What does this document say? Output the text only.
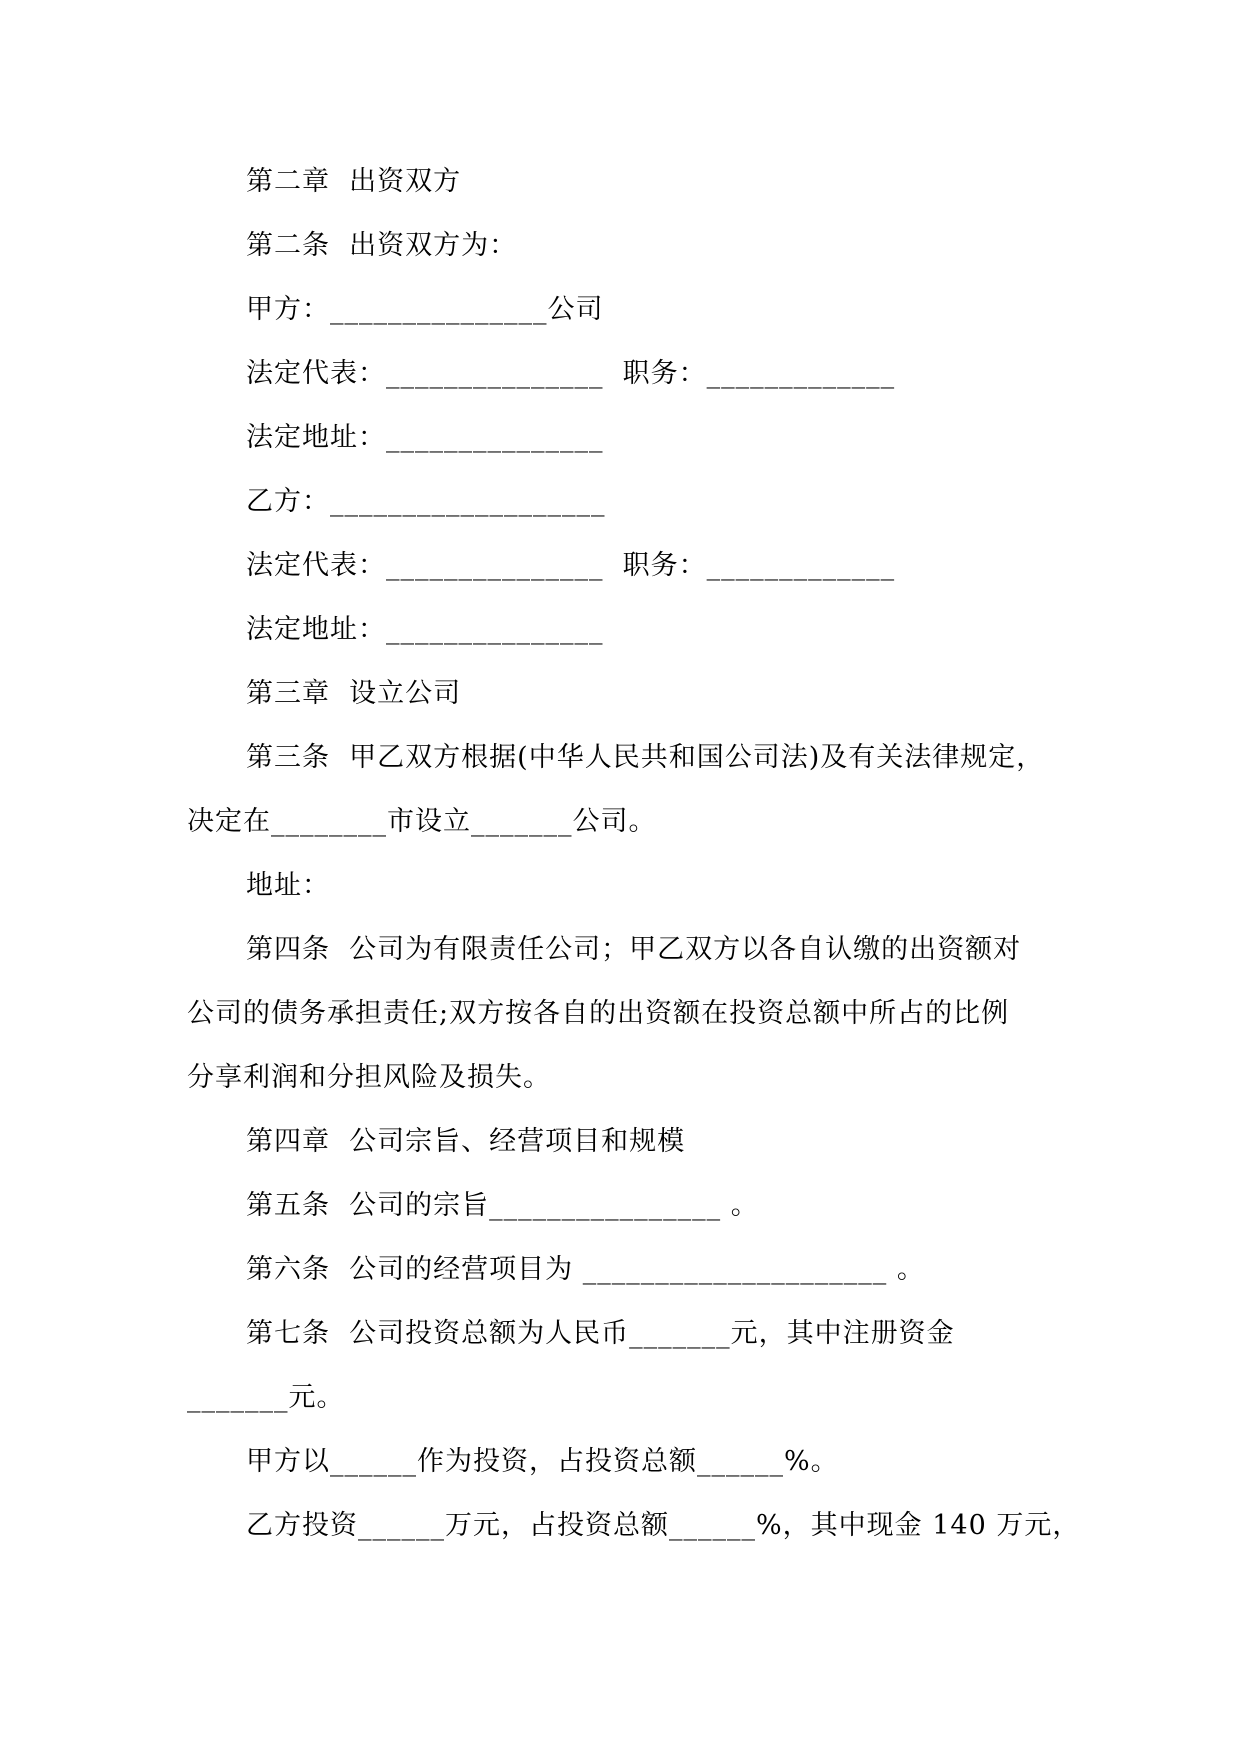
第二章  出资双方
第二条  出资双方为：
甲方：_______________公司
法定代表：_______________  职务：_____________
法定地址：_______________
乙方：___________________
法定代表：_______________  职务：_____________
法定地址：_______________
第三章  设立公司
第三条  甲乙双方根据(中华人民共和国公司法)及有关法律规定，
决定在________市设立_______公司。
地址：
第四条  公司为有限责任公司；甲乙双方以各自认缴的出资额对
公司的债务承担责任;双方按各自的出资额在投资总额中所占的比例
分享利润和分担风险及损失。
第四章  公司宗旨、经营项目和规模
第五条  公司的宗旨________________ 。
第六条  公司的经营项目为 _____________________ 。
第七条  公司投资总额为人民币_______元，其中注册资金
_______元。
甲方以______作为投资，占投资总额______%。
乙方投资______万元，占投资总额______%，其中现金 140 万元，
